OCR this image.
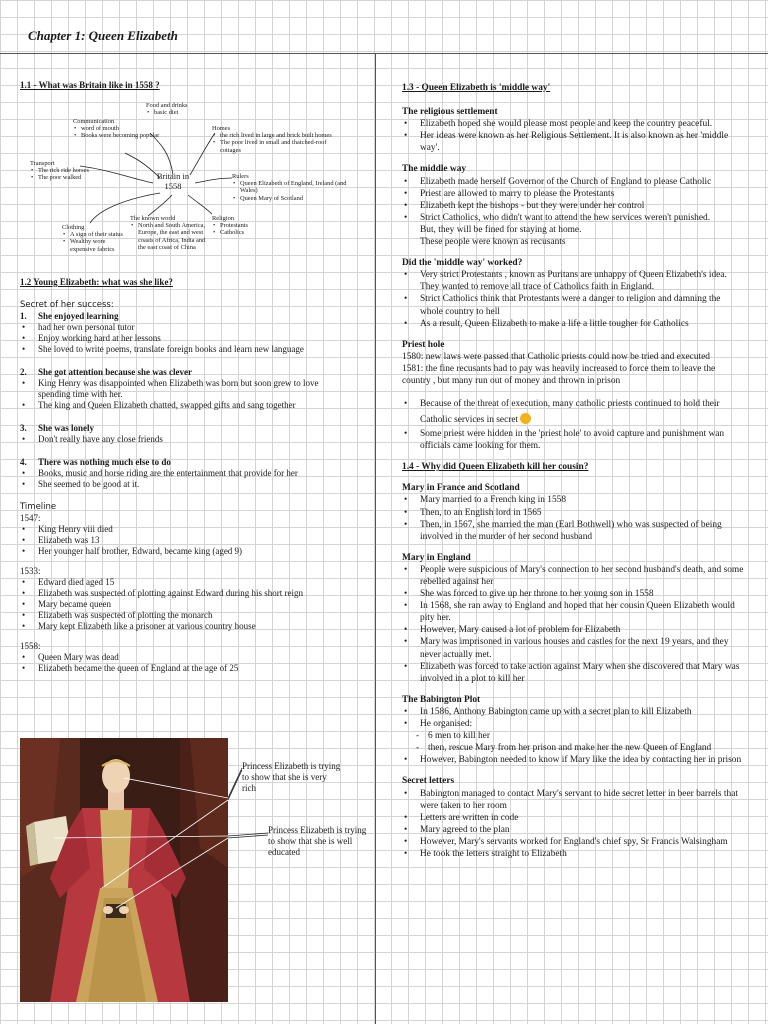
Chapter 1: Queen Elizabeth

1.1 - What was Britain like in 1558 ?

Britain in 1558
Food and drinks
• basic diet
Communication
• word of mouth
• Books were becoming popular
Homes
• the rich lived in large and brick built homes
• The poor lived in small and thatched-roof cottages
Transport
• The rich ride horses
• The poor walked	Rulers
• Queen Elizabeth of England, Ireland (and Wales)
• Queen Mary of Scotland
Clothing
• A sign of their status
• Wealthy wore expensive fabrics
The known world
• North and South America, Europe, the east and west coasts of Africa, India and the east coast of China
Religion
• Protestants
• Catholics

1.2 Young Elizabeth: what was she like?

Secret of her success:

1. She enjoyed learning

• had her own personal tutor
• Enjoy working hard at her lessons
• She loved to write poems, translate foreign books and learn new language

2. She got attention because she was clever

• King Henry was disappointed when Elizabeth was born but soon grew to love spending time with her.
• The king and Queen Elizabeth chatted, swapped gifts and sang together

3. She was lonely

• Don't really have any close friends

4. There was nothing much else to do

• Books, music and horse riding are the entertainment that provide for her
• She seemed to be good at it.

Timeline

1547:

• King Henry viii died
• Elizabeth was 13
• Her younger half brother, Edward, became king (aged 9)

1533:

• Edward died aged 15
• Elizabeth was suspected of plotting against Edward during his short reign
• Mary became queen
• Elizabeth was suspected of plotting the monarch
• Mary kept Elizabeth like a prisoner at various country house

1558:

• Queen Mary was dead
• Elizabeth became the queen of England at the age of 25
Princess Elizabeth is trying to show that she is very rich
Princess Elizabeth is trying to show that she is well educated

1.3 - Queen Elizabeth is 'middle way'

The religious settlement

• Elizabeth hoped she would please most people and keep the country peaceful.
• Her ideas were known as her Religious Settlement. It is also known as her 'middle way'.

The middle way

• Elizabeth made herself Governor of the Church of England to please Catholic
• Priest are allowed to marry to please the Protestants
• Elizabeth kept the bishops - but they were under her control
• Strict Catholics, who didn't want to attend the hew services weren't punished.

But, they will be fined for staying at home.

These people were known as recusants

Did the 'middle way' worked?

• Very strict Protestants , known as Puritans are unhappy of Queen Elizabeth's idea. They wanted to remove all trace of Catholics faith in England.
• Strict Catholics think that Protestants were a danger to religion and damning the whole country to hell
• As a result, Queen Elizabeth to make a life a little tougher for Catholics

Priest hole

1580: new laws were passed that Catholic priests could now be tried and executed

1581: the fine recusants had to pay was heavily increased to force them to leave the country , but many run out of money and thrown in prison

• Because of the threat of execution, many catholic priests continued to hold their Catholic services in secret
• Some priest were hidden in the 'priest hole' to avoid capture and punishment wan officials came looking for them.

1.4 - Why did Queen Elizabeth kill her cousin?

Mary in France and Scotland

• Mary married to a French king in 1558
• Then, to an English lord in 1565
• Then, in 1567, she married the man (Earl Bothwell) who was suspected of being involved in the murder of her second husband

Mary in England

• People were suspicious of Mary's connection to her second husband's death, and some rebelled against her
• She was forced to give up her throne to her young son in 1558
• In 1568, she ran away to England and hoped that her cousin Queen Elizabeth would pity her.
• However, Mary caused a lot of problem for Elizabeth
• Mary was imprisoned in various houses and castles for the next 19 years, and they never actually met.
• Elizabeth was forced to take action against Mary when she discovered that Mary was involved in a plot to kill her

The Babington Plot

• In 1586, Anthony Babington came up with a secret plan to kill Elizabeth
• He organised:
- 6 men to kill her
- then, rescue Mary from her prison and make her the new Queen of England
• However, Babington needed to know if Mary like the idea by contacting her in prison

Secret letters

• Babington managed to contact Mary's servant to hide secret letter in beer barrels that were taken to her room
• Letters are written in code
• Mary agreed to the plan
• However, Mary's servants worked for England's chief spy, Sr Francis Walsingham
• He took the letters straight to Elizabeth
